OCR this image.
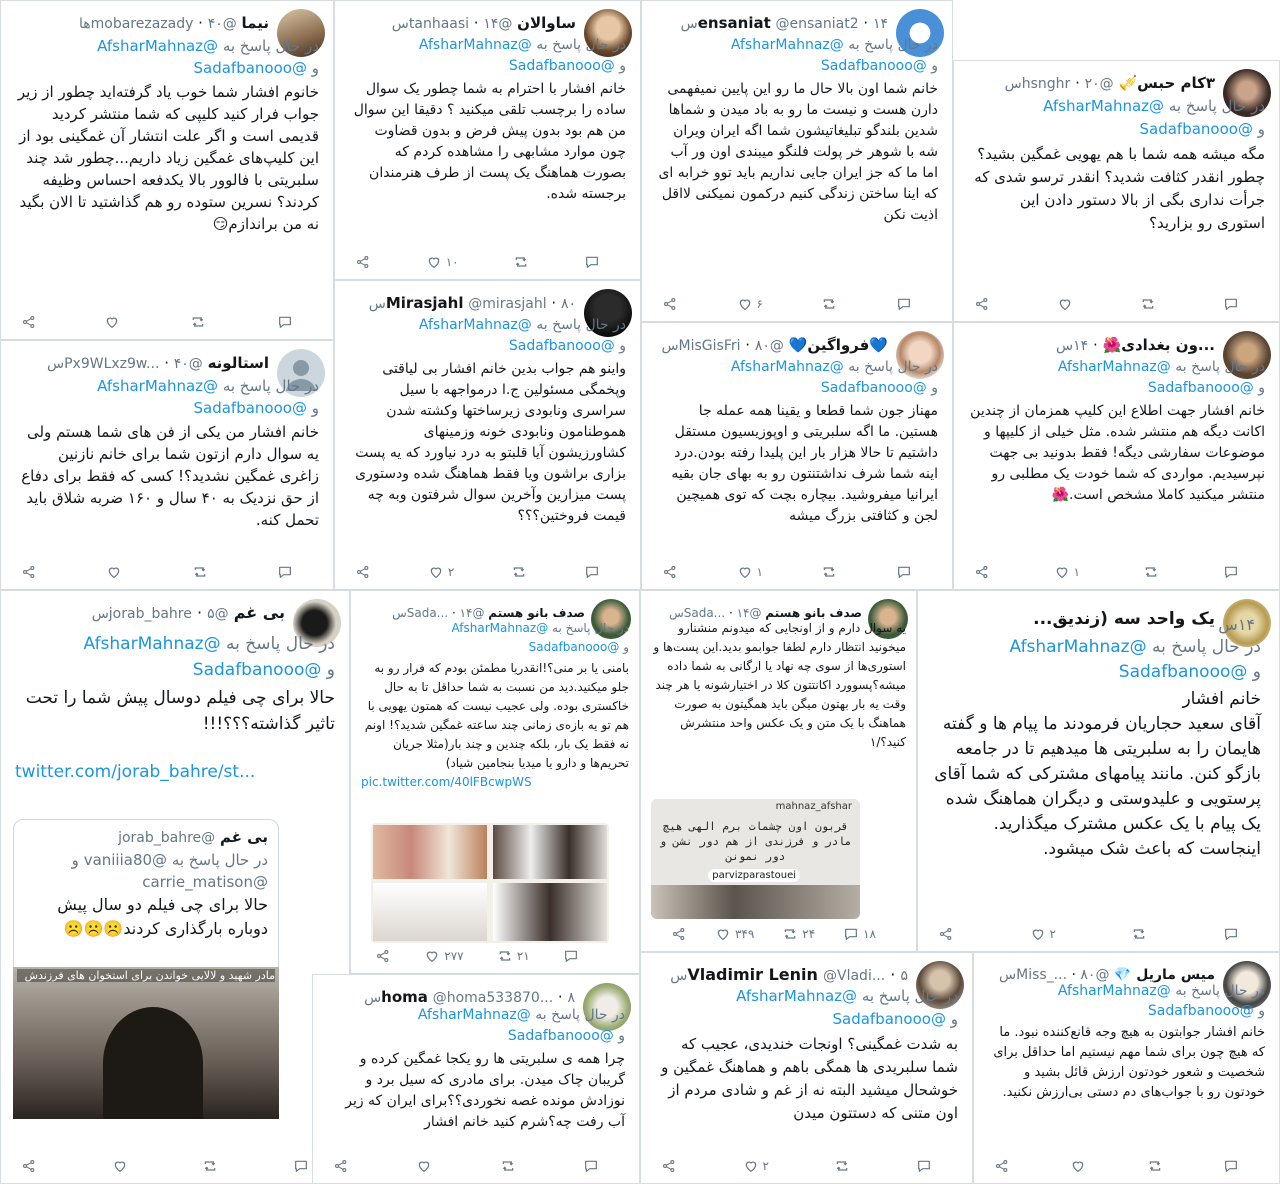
نیما @mobarezazady · ۴۰ها
در حال پاسخ به @AfsharMahnaz
و @Sadafbanooo
خانوم افشار شما خوب یاد گرفته‌اید چطور از زیر جواب فرار کنید کلیپی که شما منتشر کردید قدیمی است و اگر علت انتشار آن غمگینی بود از این کلیپ‌های غمگین زیاد داریم...چطور شد چند سلبریتی با فالوور بالا یکدفعه احساس وظیفه کردند؟ نسرین ستوده رو هم گذاشتید تا الان بگید نه من براندازم😏
ساوالان @tanhaasi · ۱۴س
در حال پاسخ به @AfsharMahnaz
و @Sadafbanooo
خانم افشار با احترام به شما چطور یک سوال ساده را برچسب تلقی میکنید ؟ دقیقا این سوال من هم بود بدون پیش فرض و بدون قضاوت چون موارد مشابهی را مشاهده کردم که بصورت هماهنگ یک پست از طرف هنرمندان برجسته شده.
۱۰
ensaniat @ensaniat2 · ۱۴س
در حال پاسخ به @AfsharMahnaz
و @Sadafbanooo
خانم شما اون بالا حال ما رو این پایین نمیفهمی دارن هست و نیست ما رو به باد میدن و شماها شدین بلندگو تبلیغاتیشون شما اگه ایران ویران شه با شوهر خر پولت فلنگو میبندی اون ور آب اما ما که جز ایران جایی نداریم باید توو خرابه ای که اینا ساختن زندگی کنیم درکمون نمیکنی لااقل اذیت نکن
۶
۳کام حبس🎺 @hsnghr · ۲۰س
در حال پاسخ به @AfsharMahnaz
و @Sadafbanooo
مگه میشه همه شما با هم یهویی غمگین بشید؟ چطور انقدر کثافت شدید؟ انقدر ترسو شدی که جرأت نداری بگی از بالا دستور دادن این استوری رو بزارید؟
استالونه @Px9WLxz9w... · ۴۰س
در حال پاسخ به @AfsharMahnaz
و @Sadafbanooo
خانم افشار من یکی از فن های شما هستم ولی یه سوال دارم ازتون شما برای خانم نازنین زاغری غمگین نشدید؟! کسی که فقط برای دفاع از حق نزدیک به ۴۰ سال و ۱۶۰ ضربه شلاق باید تحمل کنه.
Mirasjahl @mirasjahl · ۸۰س
در حال پاسخ به @AfsharMahnaz
و @Sadafbanooo
واینو هم جواب بدین خانم افشار بی لیاقتی وپخمگی مسئولین ج.ا درمواجهه با سیل سراسری ونابودی زیرساختها وکشته شدن هموطنامون ونابودی خونه وزمینهای کشاورزیشون آیا قلبتو به درد نیاورد که یه پست بزاری براشون ویا فقط هماهنگ شده ودستوری پست میزارین وآخرین سوال شرفتون وبه چه قیمت فروختین؟؟؟
۲
💙فرواگین💙 @MisGisFri · ۸۰س
در حال پاسخ به @AfsharMahnaz
و @Sadafbanooo
مهناز جون شما قطعا و یقینا همه عمله جا هستین. ما اگه سلبریتی و اوپوزیسیون مستقل داشتیم تا حالا هزار بار این پلیدا رفته بودن.درد اینه شما شرف نداشتنتون رو به بهای جان بقیه ایرانیا میفروشید. بیچاره بچت که توی همیچین لجن و کثافتی بزرگ میشه
۱
...ون بغدادی🌺 · ۱۴س
در حال پاسخ به @AfsharMahnaz
و @Sadafbanooo
خانم افشار جهت اطلاع این کلیپ همزمان از چندین اکانت دیگه هم منتشر شده. مثل خیلی از کلیپها و موضوعات سفارشی دیگه! فقط بدونید بی جهت نپرسیدیم. مواردی که شما خودت یک مطلبی رو منتشر میکنید کاملا مشخص است.🌺
۱
بی غم @jorab_bahre · ۵س
در حال پاسخ به @AfsharMahnaz
و @Sadafbanooo
حالا برای چی فیلم دوسال پیش شما را تحت تاثیر گذاشته؟؟؟!!!
twitter.com/jorab_bahre/st...
بی غم @jorab_bahre
در حال پاسخ به @vaniiia80 و @carrie_matison
حالا برای چی فیلم دو سال پیش دوباره بارگذاری کردند☹️☹️☹️
مادر شهید و لالایی خواندن برای استخوان های فرزندش
صدف بانو هستم @Sada... · ۱۴س
در حال پاسخ به @AfsharMahnaz
و @Sadafbanooo
بامنی یا بر منی؟!انقدریا مطمئن بودم که فرار رو به جلو میکنید.دید من نسبت به شما حداقل تا به حال خاکستری بوده. ولی عجیب نیست که همتون یهویی با هم تو یه بازه‌ی زمانی چند ساعته غمگین شدید؟! اونم نه فقط یک بار، بلکه چندین و چند بار(مثلا جریان تحریم‌ها و دارو یا میدیا بنجامین شیاد)
pic.twitter.com/40lFBcwpWS
۲۱
۲۷۷
صدف بانو هستم @Sada... · ۱۴س
یه سوال دارم و از اونجایی که میدونم منشنارو میخونید انتظار دارم لطفا جوابمو بدید.این پست‌ها و استوری‌ها از سوی چه نهاد یا ارگانی به شما داده میشه؟پسوورد اکانتتون کلا در اختیارشونه یا هر چند وقت یه بار بهتون میگن باید همگیتون به صورت هماهنگ با یک متن و یک عکس واحد منتشرش کنید؟/۱
mahnaz_afshar
قربون اون چشمات برم الهی هیچ مادر و فرزندی از هم دور نشن و دور نمونن
parvizparastouei
۱۸
۲۴
۳۴۹
یک واحد سه (زندیق... ۱۴س
در حال پاسخ به @AfsharMahnaz
و @Sadafbanooo
خانم افشار
آقای سعید حجاریان فرمودند ما پیام ها و گفته هایمان را به سلبریتی ها میدهیم تا در جامعه بازگو کنن. مانند پیامهای مشترکی که شما آقای پرستویی و علیدوستی و دیگران هماهنگ شده یک پیام با یک عکس مشترک میگذارید. اینجاست که باعث شک میشود.
۲
homa @homa533870... · ۸س
در حال پاسخ به @AfsharMahnaz
و @Sadafbanooo
چرا همه ی سلبریتی ها رو یکجا غمگین کرده و گریبان چاک میدن. برای مادری که سیل برد و نوزادش مونده غصه نخوردی؟؟برای ایران که زیر آب رفت چه؟شرم کنید خانم افشار
Vladimir Lenin @Vladi... · ۵س
در حال پاسخ به @AfsharMahnaz
و @Sadafbanooo
به شدت غمگینی؟ اونجات خندیدی، عجیب که شما سلبریدی ها همگی باهم و هماهنگ غمگین و خوشحال میشید البته نه از غم و شادی مردم از اون متنی که دستتون میدن
۲
میس ماریل 💎 @Miss_... · ۸۰س
در حال پاسخ به @AfsharMahnaz
و @Sadafbanooo
خانم افشار جوابتون به هیچ وجه قانع‌کننده نبود. ما که هیچ چون برای شما مهم نیستیم اما حداقل برای شخصیت و شعور خودتون ارزش قائل بشید و خودتون رو با جواب‌های دم دستی بی‌ارزش نکنید.
